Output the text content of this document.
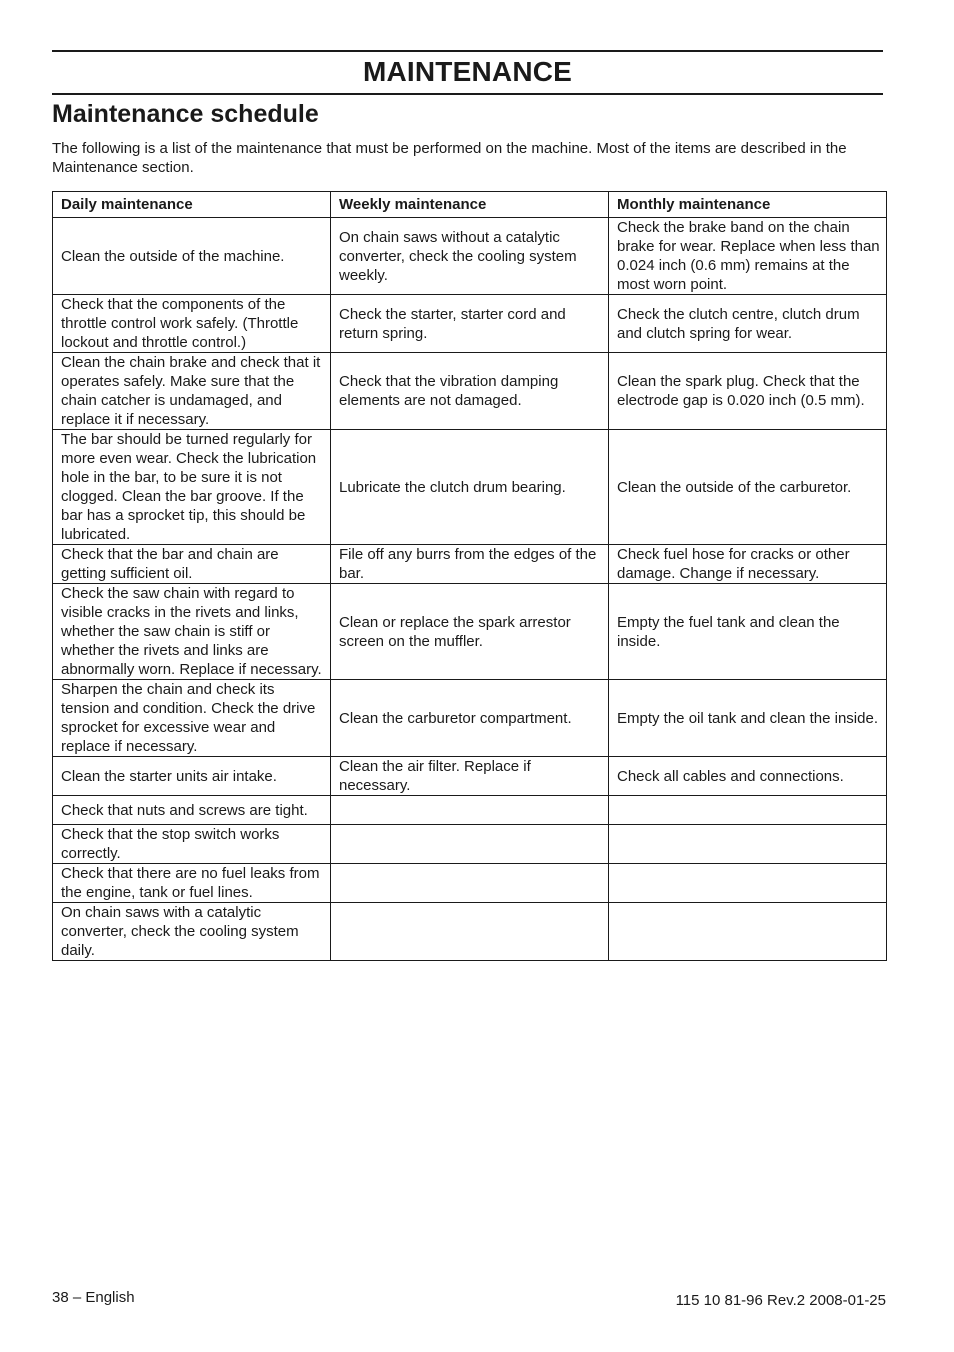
MAINTENANCE
Maintenance schedule

The following is a list of the maintenance that must be performed on the machine. Most of the items are described in the Maintenance section.

Daily maintenance	Weekly maintenance	Monthly maintenance
Clean the outside of the machine.	On chain saws without a catalytic converter, check the cooling system weekly.	Check the brake band on the chain brake for wear. Replace when less than 0.024 inch (0.6 mm) remains at the most worn point.
Check that the components of the throttle control work safely. (Throttle lockout and throttle control.)	Check the starter, starter cord and return spring.	Check the clutch centre, clutch drum and clutch spring for wear.
Clean the chain brake and check that it operates safely. Make sure that the chain catcher is undamaged, and replace it if necessary.	Check that the vibration damping elements are not damaged.	Clean the spark plug. Check that the electrode gap is 0.020 inch (0.5 mm).
The bar should be turned regularly for more even wear. Check the lubrication hole in the bar, to be sure it is not clogged. Clean the bar groove. If the bar has a sprocket tip, this should be lubricated.	Lubricate the clutch drum bearing.	Clean the outside of the carburetor.
Check that the bar and chain are getting sufficient oil.	File off any burrs from the edges of the bar.	Check fuel hose for cracks or other damage. Change if necessary.
Check the saw chain with regard to visible cracks in the rivets and links, whether the saw chain is stiff or whether the rivets and links are abnormally worn. Replace if necessary.	Clean or replace the spark arrestor screen on the muffler.	Empty the fuel tank and clean the inside.
Sharpen the chain and check its tension and condition. Check the drive sprocket for excessive wear and replace if necessary.	Clean the carburetor compartment.	Empty the oil tank and clean the inside.
Clean the starter units air intake.	Clean the air filter. Replace if necessary.	Check all cables and connections.
Check that nuts and screws are tight.		
Check that the stop switch works correctly.		
Check that there are no fuel leaks from the engine, tank or fuel lines.		
On chain saws with a catalytic converter, check the cooling system daily.		
38 – English	115 10 81-96 Rev.2 2008-01-25
